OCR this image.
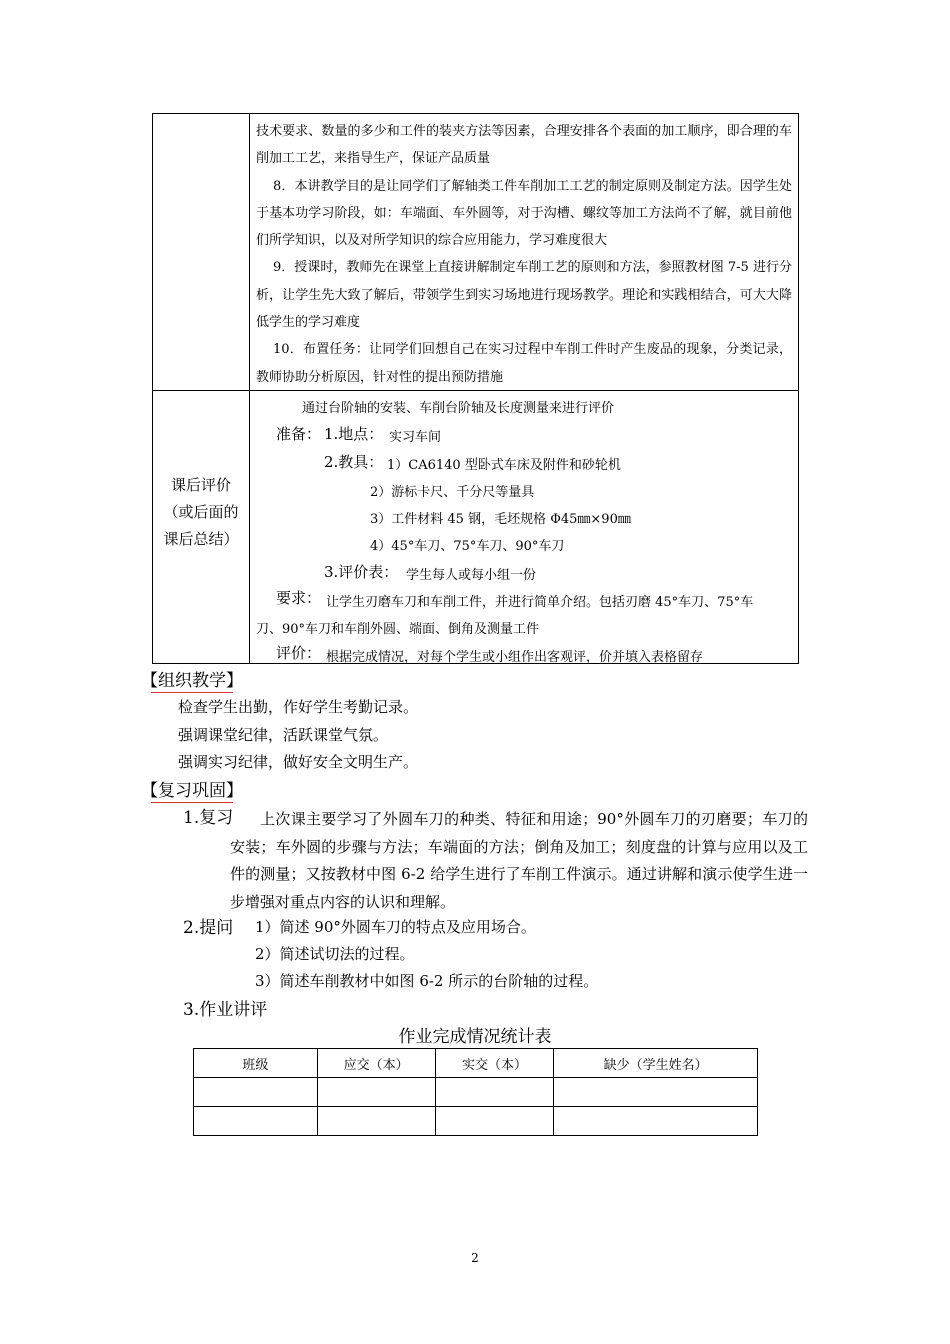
技术要求、数量的多少和工件的装夹方法等因素，合理安排各个表面的加工顺序，即合理的车削加工工艺，来指导生产，保证产品质量

8．本讲教学目的是让同学们了解轴类工件车削加工工艺的制定原则及制定方法。因学生处于基本功学习阶段，如：车端面、车外圆等，对于沟槽、螺纹等加工方法尚不了解，就目前他们所学知识，以及对所学知识的综合应用能力，学习难度很大

9．授课时，教师先在课堂上直接讲解制定车削工艺的原则和方法，参照教材图 7-5 进行分析，让学生先大致了解后，带领学生到实习场地进行现场教学。理论和实践相结合，可大大降低学生的学习难度

10．布置任务：让同学们回想自己在实习过程中车削工件时产生废品的现象，分类记录，教师协助分析原因，针对性的提出预防措施

课后评价（或后面的课后总结）
通过台阶轴的安装、车削台阶轴及长度测量来进行评价
准备： 1.地点： 实习车间
2.教具： 1）CA6140 型卧式车床及附件和砂轮机
2）游标卡尺、千分尺等量具
3）工件材料 45 钢，毛坯规格 Φ45㎜×90㎜
4）45°车刀、75°车刀、90°车刀
3.评价表： 学生每人或每小组一份
要求： 让学生刃磨车刀和车削工件，并进行简单介绍。包括刃磨 45°车刀、75°车
刀、90°车刀和车削外圆、端面、倒角及测量工件
评价： 根据完成情况，对每个学生或小组作出客观评，价并填入表格留存
【组织教学】
检查学生出勤，作好学生考勤记录。
强调课堂纪律，活跃课堂气氛。
强调实习纪律，做好安全文明生产。
【复习巩固】
1.复习	上次课主要学习了外圆车刀的种类、特征和用途；90°外圆车刀的刃磨要；车刀的安装；车外圆的步骤与方法；车端面的方法；倒角及加工；刻度盘的计算与应用以及工件的测量；又按教材中图 6-2 给学生进行了车削工件演示。通过讲解和演示使学生进一步增强对重点内容的认识和理解。
2.提问 1）简述 90°外圆车刀的特点及应用场合。
2）简述试切法的过程。
3）简述车削教材中如图 6-2 所示的台阶轴的过程。
3.作业讲评
作业完成情况统计表
班级	应交（本）	实交（本）	缺少（学生姓名）

2
